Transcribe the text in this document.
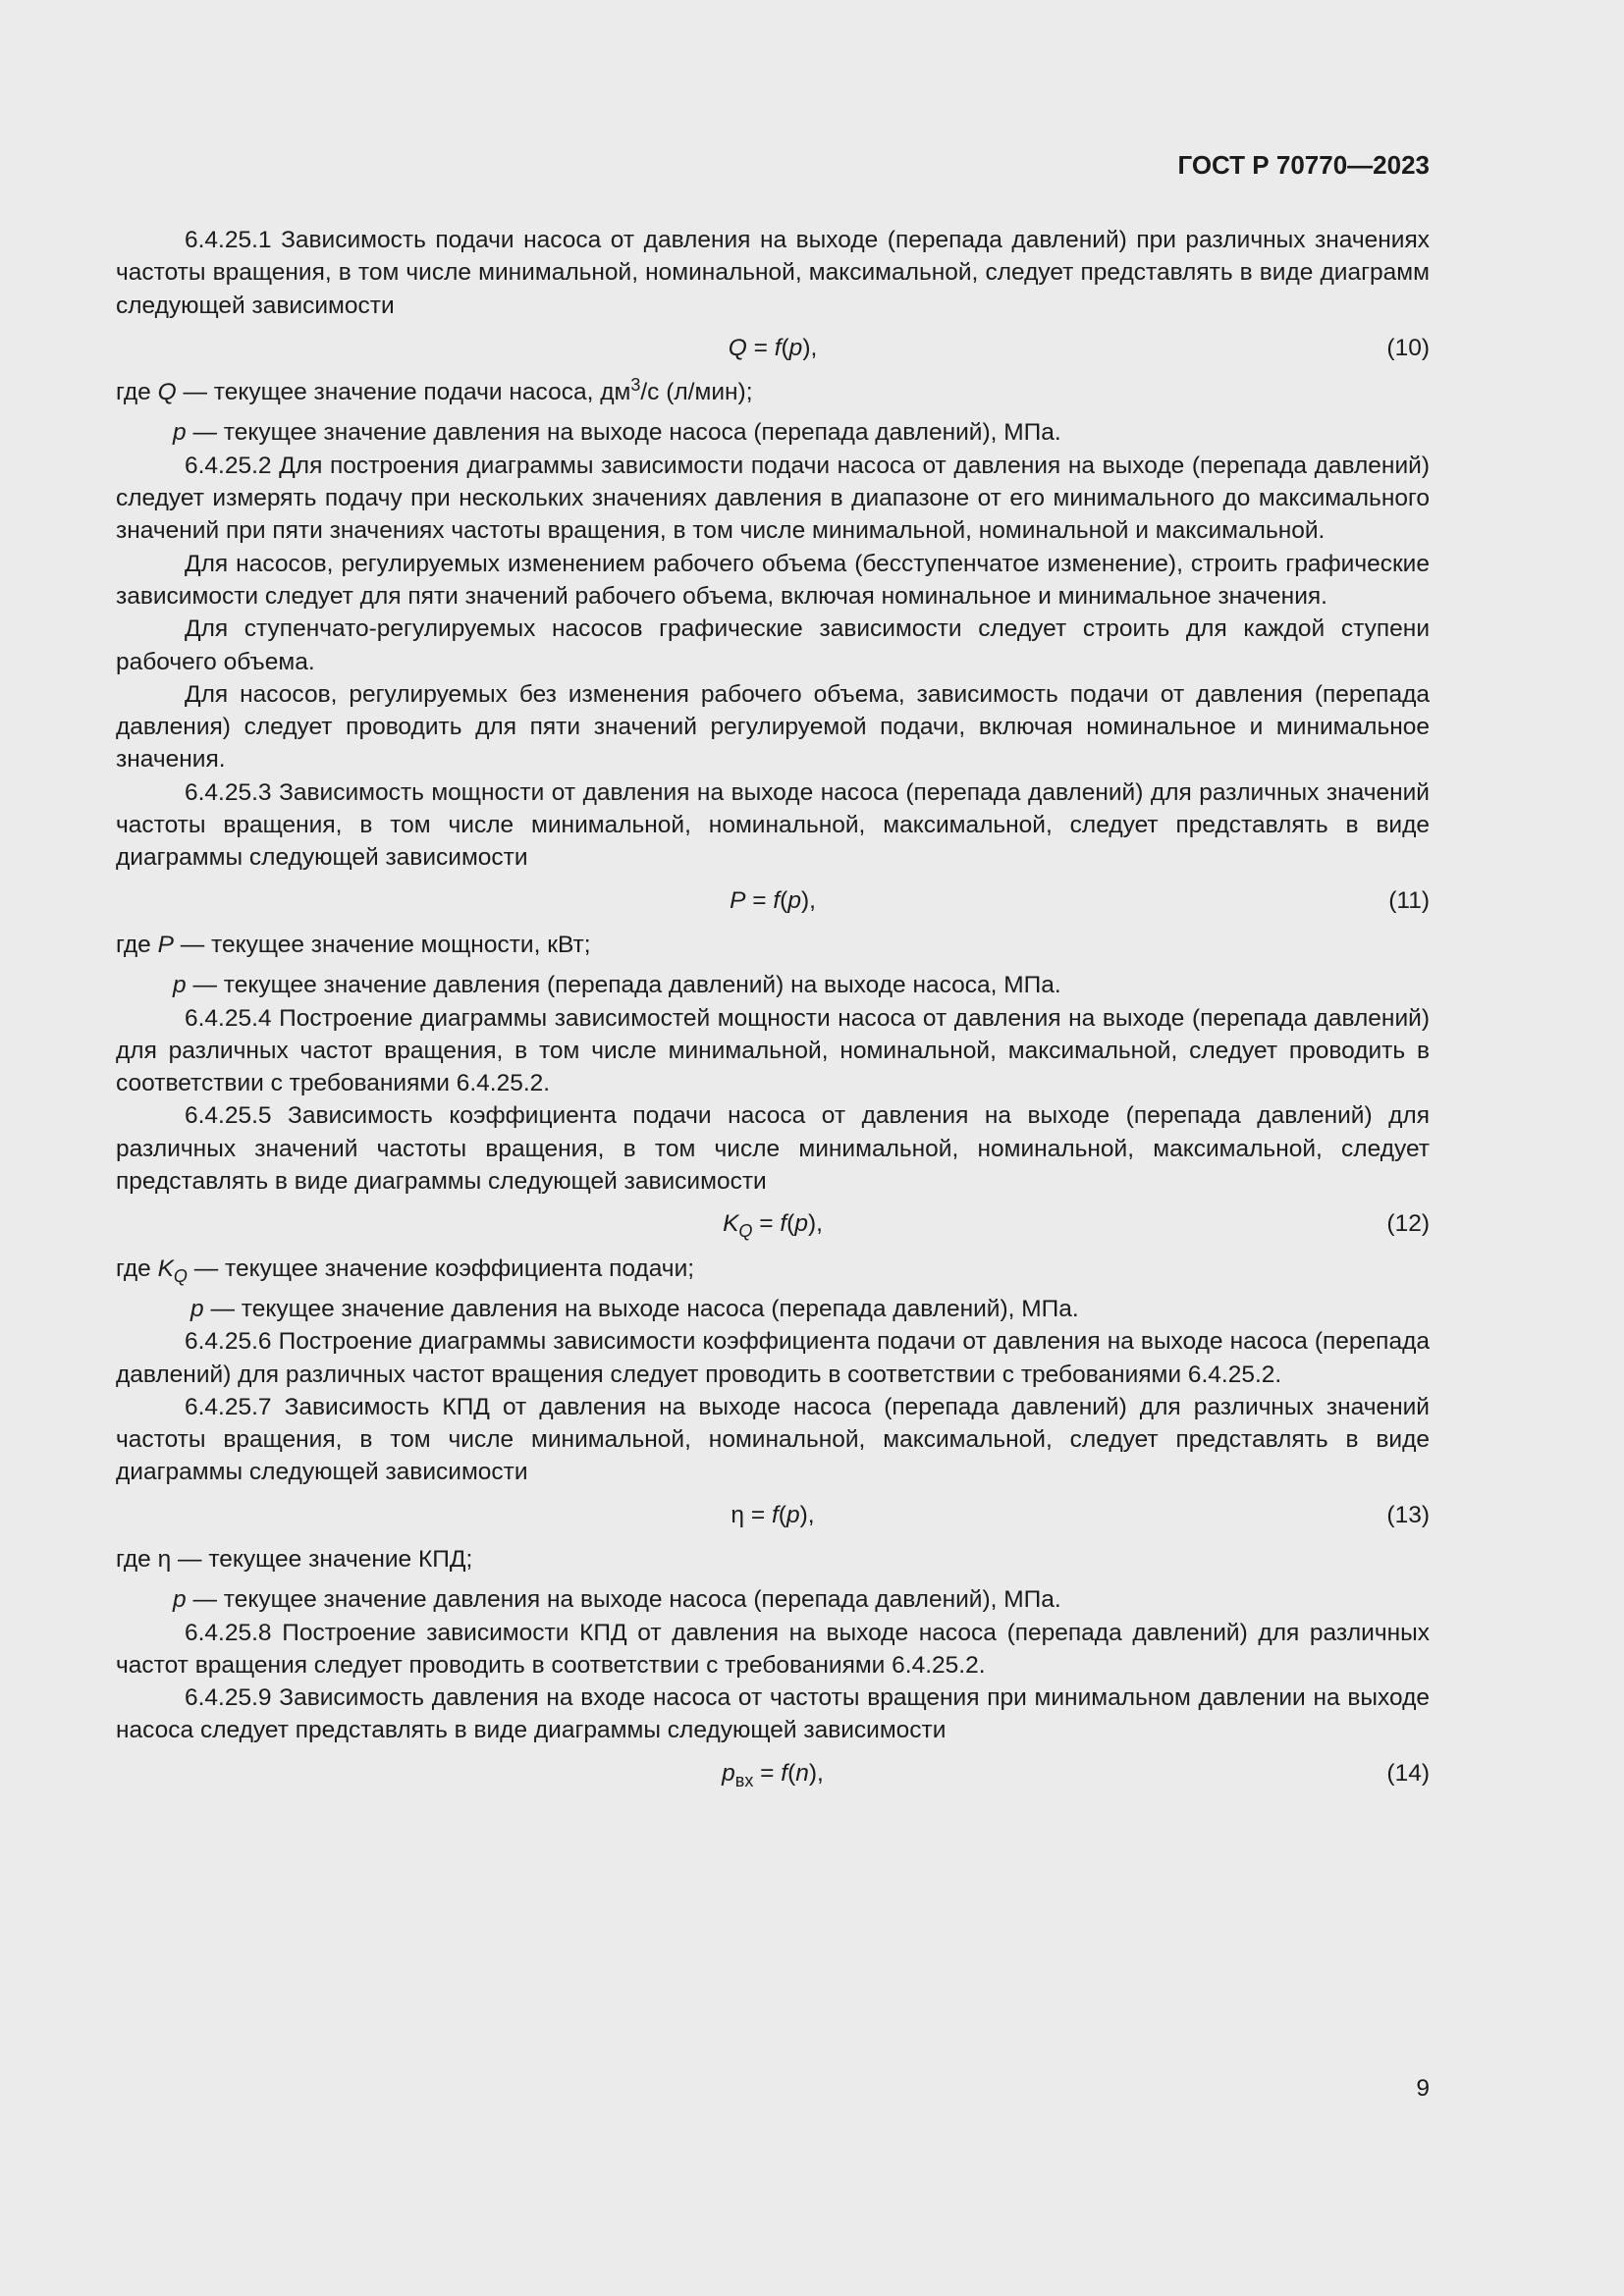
ГОСТ Р 70770—2023

6.4.25.1 Зависимость подачи насоса от давления на выходе (перепада давлений) при различных значениях частоты вращения, в том числе минимальной, номинальной, максимальной, следует представлять в виде диаграмм следующей зависимости

Q = f(p),	(10)

где Q — текущее значение подачи насоса, $дм^3/с$ (л/мин);

p — текущее значение давления на выходе насоса (перепада давлений), МПа.

6.4.25.2 Для построения диаграммы зависимости подачи насоса от давления на выходе (перепада давлений) следует измерять подачу при нескольких значениях давления в диапазоне от его минимального до максимального значений при пяти значениях частоты вращения, в том числе минимальной, номинальной и максимальной.

Для насосов, регулируемых изменением рабочего объема (бесступенчатое изменение), строить графические зависимости следует для пяти значений рабочего объема, включая номинальное и минимальное значения.

Для ступенчато-регулируемых насосов графические зависимости следует строить для каждой ступени рабочего объема.

Для насосов, регулируемых без изменения рабочего объема, зависимость подачи от давления (перепада давления) следует проводить для пяти значений регулируемой подачи, включая номинальное и минимальное значения.

6.4.25.3 Зависимость мощности от давления на выходе насоса (перепада давлений) для различных значений частоты вращения, в том числе минимальной, номинальной, максимальной, следует представлять в виде диаграммы следующей зависимости

P = f(p),	(11)

где P — текущее значение мощности, кВт;

p — текущее значение давления (перепада давлений) на выходе насоса, МПа.

6.4.25.4 Построение диаграммы зависимостей мощности насоса от давления на выходе (перепада давлений) для различных частот вращения, в том числе минимальной, номинальной, максимальной, следует проводить в соответствии с требованиями 6.4.25.2.

6.4.25.5 Зависимость коэффициента подачи насоса от давления на выходе (перепада давлений) для различных значений частоты вращения, в том числе минимальной, номинальной, максимальной, следует представлять в виде диаграммы следующей зависимости

$K_Q = f(p)$,	(12)

где $K_Q$ — текущее значение коэффициента подачи;

p — текущее значение давления на выходе насоса (перепада давлений), МПа.

6.4.25.6 Построение диаграммы зависимости коэффициента подачи от давления на выходе насоса (перепада давлений) для различных частот вращения следует проводить в соответствии с требованиями 6.4.25.2.

6.4.25.7 Зависимость КПД от давления на выходе насоса (перепада давлений) для различных значений частоты вращения, в том числе минимальной, номинальной, максимальной, следует представлять в виде диаграммы следующей зависимости

η = f(p),	(13)

где η — текущее значение КПД;

p — текущее значение давления на выходе насоса (перепада давлений), МПа.

6.4.25.8 Построение зависимости КПД от давления на выходе насоса (перепада давлений) для различных частот вращения следует проводить в соответствии с требованиями 6.4.25.2.

6.4.25.9 Зависимость давления на входе насоса от частоты вращения при минимальном давлении на выходе насоса следует представлять в виде диаграммы следующей зависимости

$p_{вх} = f(n)$,	(14)
9
